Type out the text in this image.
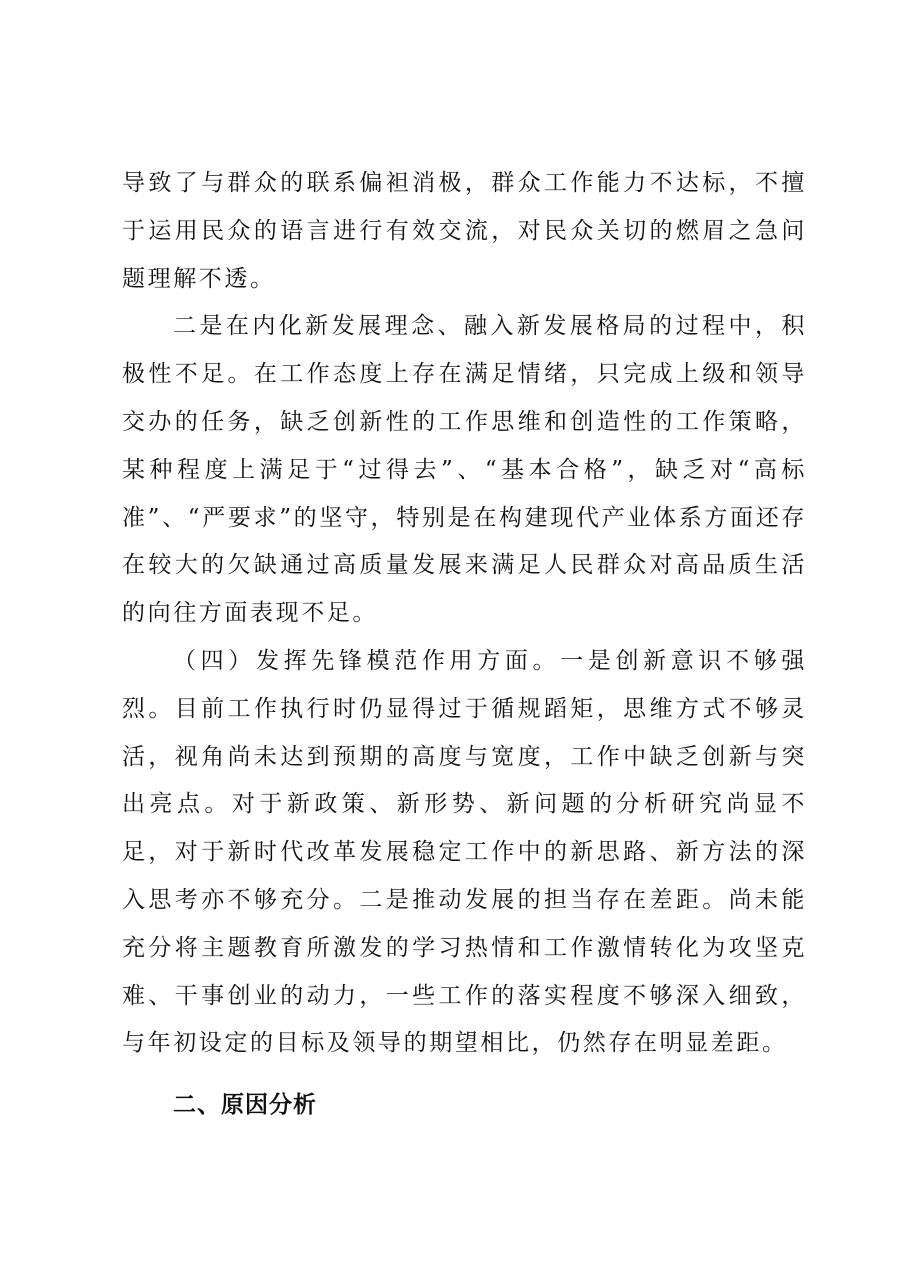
导致了与群众的联系偏袒消极，群众工作能力不达标，不擅于运用民众的语言进行有效交流，对民众关切的燃眉之急问题理解不透。

二是在内化新发展理念、融入新发展格局的过程中，积极性不足。在工作态度上存在满足情绪，只完成上级和领导交办的任务，缺乏创新性的工作思维和创造性的工作策略，某种程度上满足于“过得去”、“基本合格”，缺乏对“高标准”、“严要求”的坚守，特别是在构建现代产业体系方面还存在较大的欠缺通过高质量发展来满足人民群众对高品质生活的向往方面表现不足。

（四）发挥先锋模范作用方面。一是创新意识不够强烈。目前工作执行时仍显得过于循规蹈矩，思维方式不够灵活，视角尚未达到预期的高度与宽度，工作中缺乏创新与突出亮点。对于新政策、新形势、新问题的分析研究尚显不足，对于新时代改革发展稳定工作中的新思路、新方法的深入思考亦不够充分。二是推动发展的担当存在差距。尚未能充分将主题教育所激发的学习热情和工作激情转化为攻坚克难、干事创业的动力，一些工作的落实程度不够深入细致，与年初设定的目标及领导的期望相比，仍然存在明显差距。

二、原因分析
